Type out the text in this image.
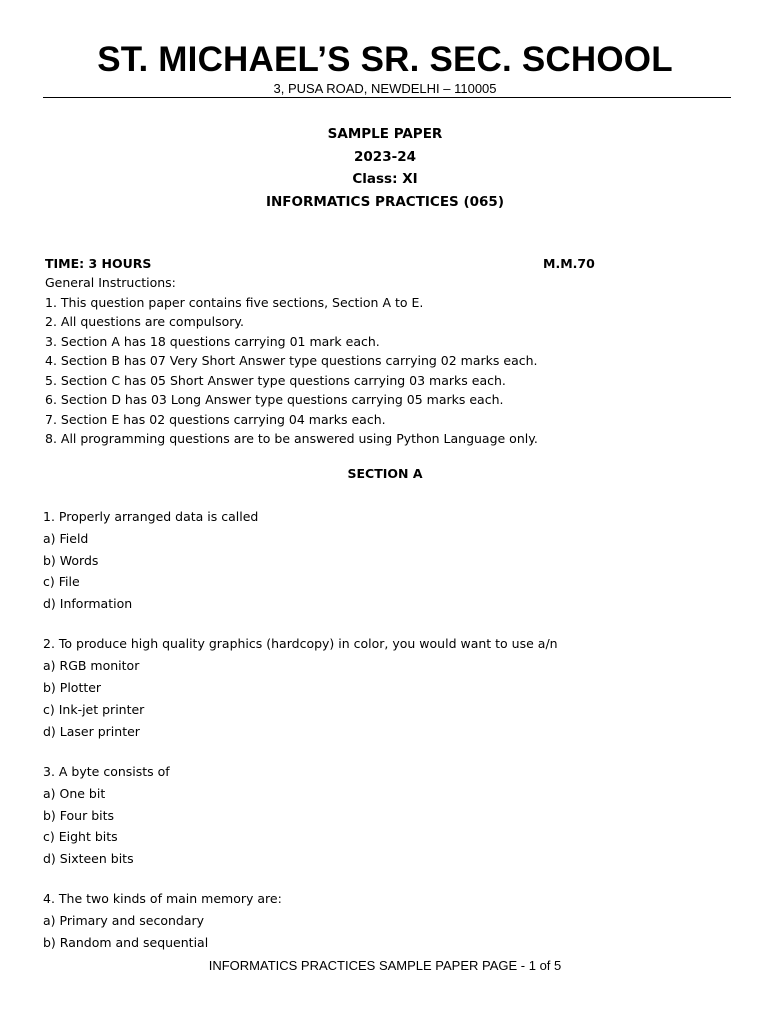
ST. MICHAEL’S SR. SEC. SCHOOL
3, PUSA ROAD, NEWDELHI – 110005
SAMPLE PAPER
2023-24
Class: XI
INFORMATICS PRACTICES (065)
TIME: 3 HOURS	M.M.70
General Instructions:
1. This question paper contains five sections, Section A to E.
2. All questions are compulsory.
3. Section A has 18 questions carrying 01 mark each.
4. Section B has 07 Very Short Answer type questions carrying 02 marks each.
5. Section C has 05 Short Answer type questions carrying 03 marks each.
6. Section D has 03 Long Answer type questions carrying 05 marks each.
7. Section E has 02 questions carrying 04 marks each.
8. All programming questions are to be answered using Python Language only.
SECTION A
1. Properly arranged data is called
a) Field
b) Words
c) File
d) Information
2. To produce high quality graphics (hardcopy) in color, you would want to use a/n
a) RGB monitor
b) Plotter
c) Ink-jet printer
d) Laser printer
3. A byte consists of
a) One bit
b) Four bits
c) Eight bits
d) Sixteen bits
4. The two kinds of main memory are:
a) Primary and secondary
b) Random and sequential
INFORMATICS PRACTICES SAMPLE PAPER PAGE - 1 of 5
